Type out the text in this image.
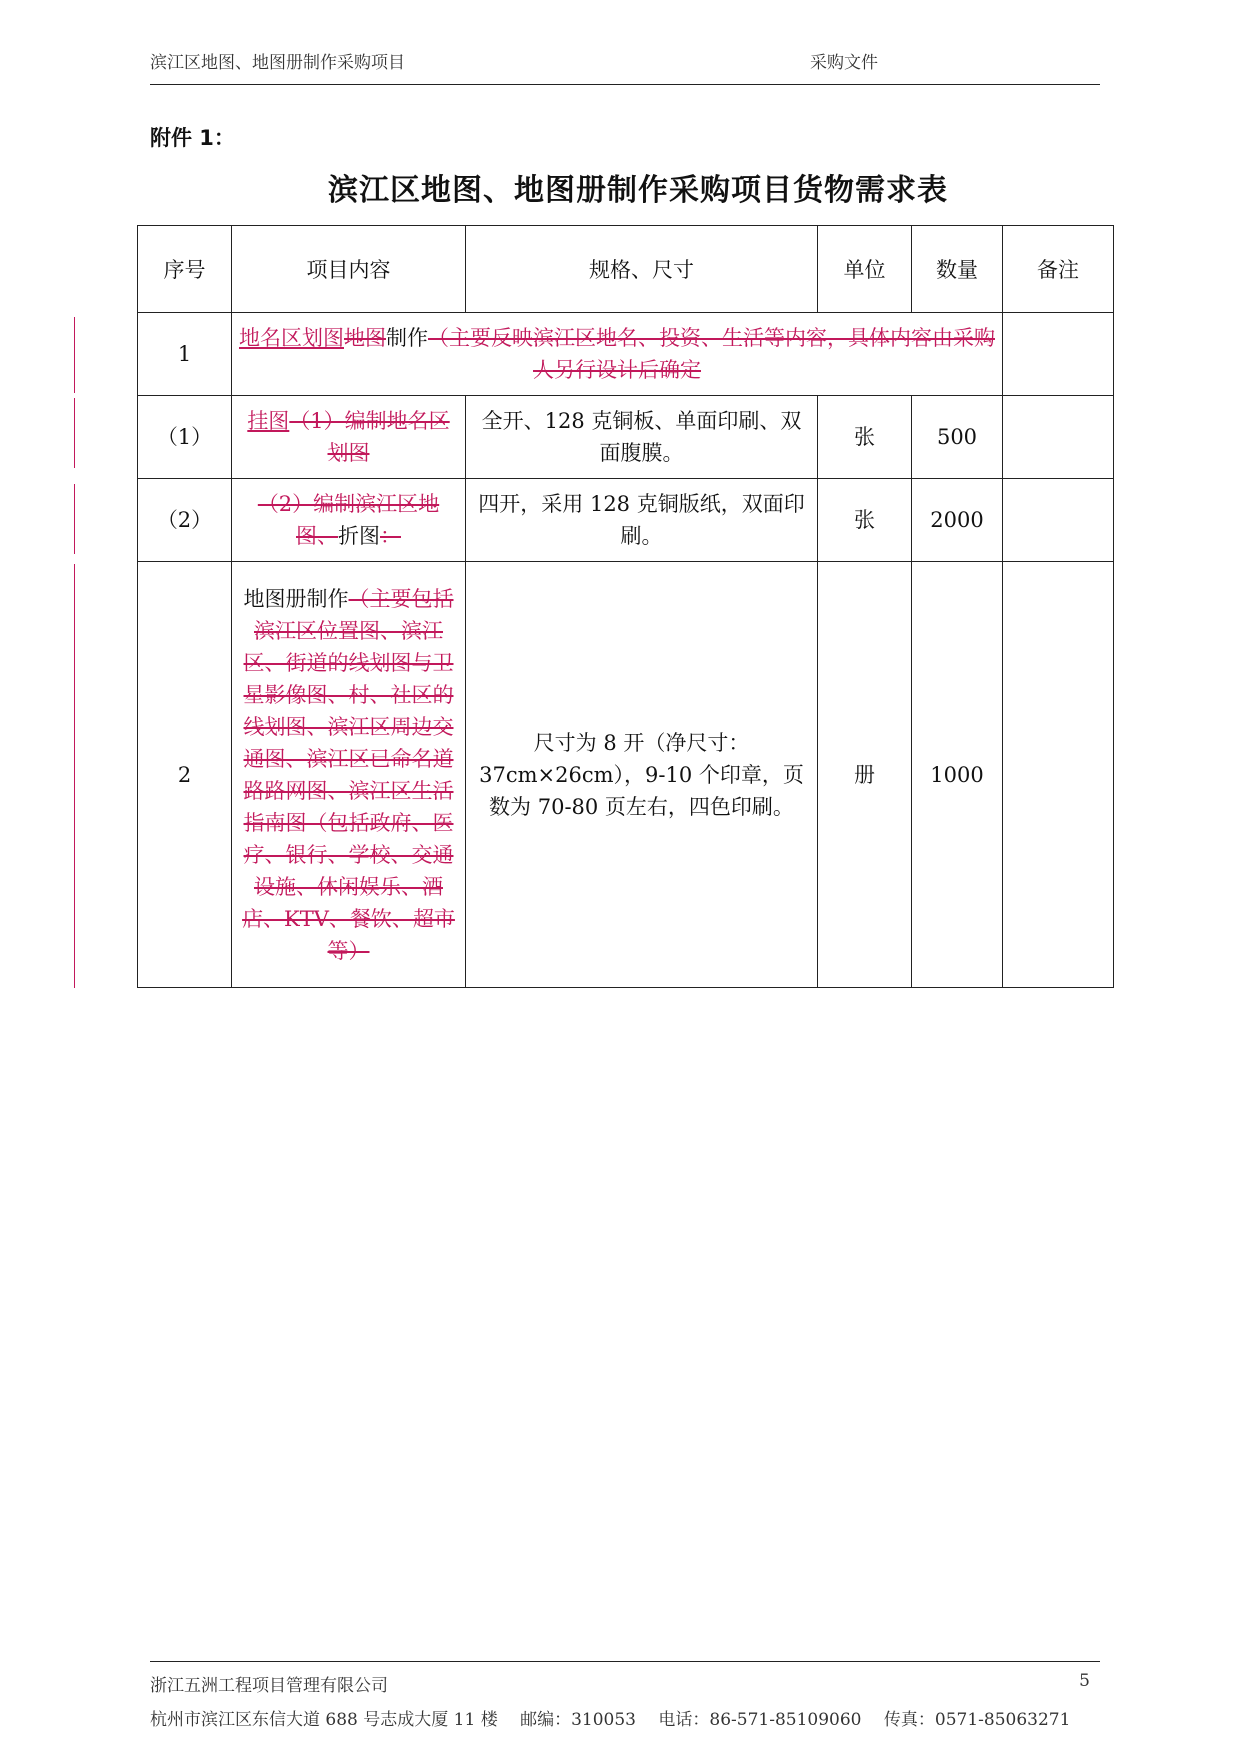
滨江区地图、地图册制作采购项目	采购文件
附件 1：
滨江区地图、地图册制作采购项目货物需求表
序号	项目内容	规格、尺寸	单位	数量	备注
1	地名区划图地图制作（主要反映滨江区地名、投资、生活等内容，具体内容由采购人另行设计后确定				
（1）	挂图（1）编制地名区划图	全开、128 克铜板、单面印刷、双面腹膜。	张	500	
（2）	（2）编制滨江区地图、折图：	四开，采用 128 克铜版纸，双面印刷。	张	2000	
2	地图册制作（主要包括滨江区位置图、滨江区、街道的线划图与卫星影像图、村、社区的线划图、滨江区周边交通图、滨江区已命名道路路网图、滨江区生活指南图（包括政府、医疗、银行、学校、交通设施、休闲娱乐、酒店、KTV、餐饮、超市等）	尺寸为 8 开（净尺寸：37cm×26cm），9-10 个印章，页数为 70-80 页左右，四色印刷。	册	1000	
浙江五洲工程项目管理有限公司	5
杭州市滨江区东信大道 688 号志成大厦 11 楼　 邮编：310053　 电话：86-571-85109060　 传真：0571-85063271
